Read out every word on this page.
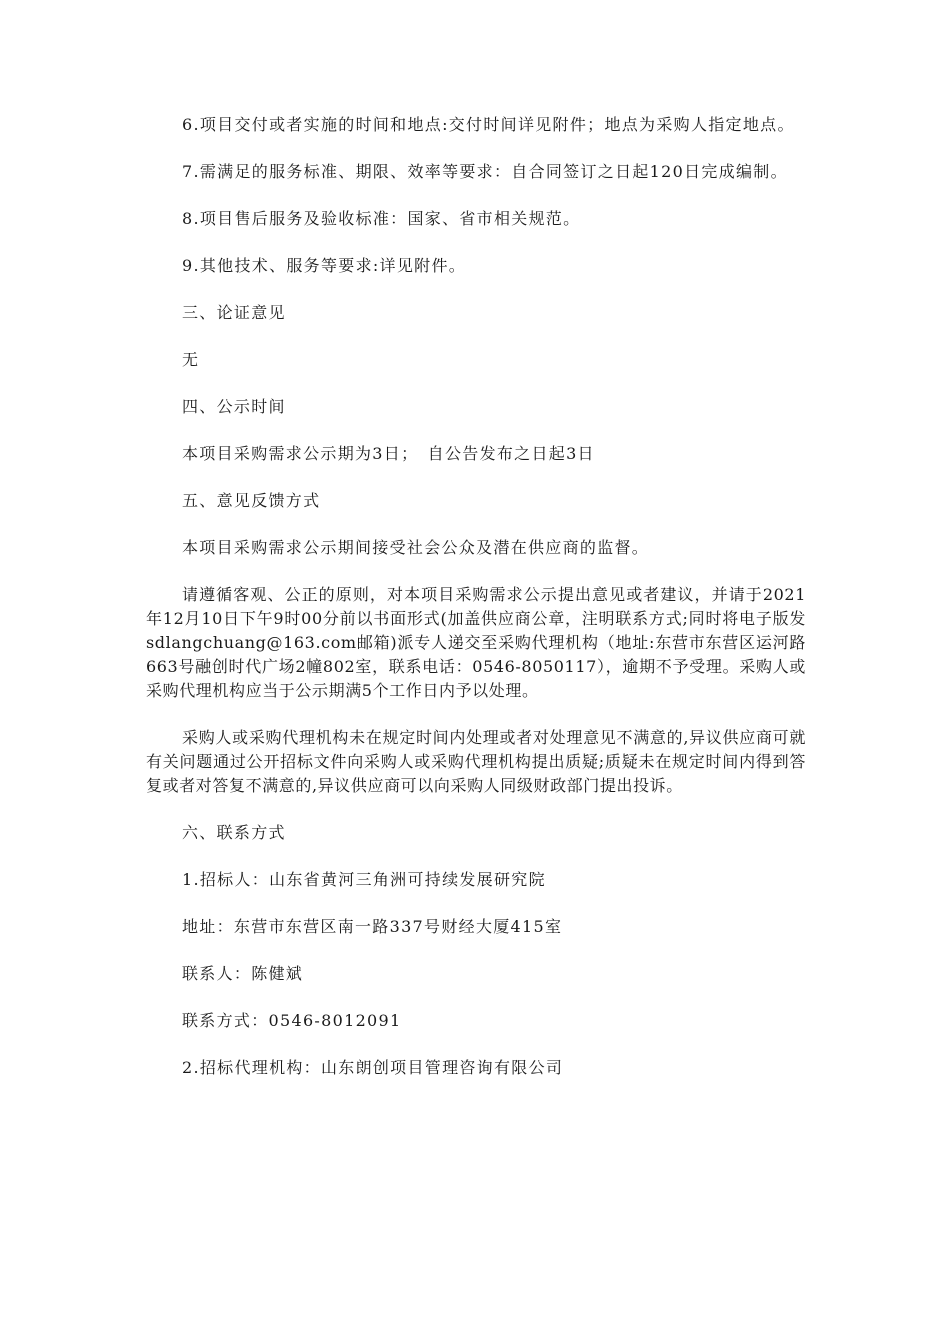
6.项目交付或者实施的时间和地点:交付时间详见附件；地点为采购人指定地点。

7.需满足的服务标准、期限、效率等要求：自合同签订之日起120日完成编制。

8.项目售后服务及验收标准：国家、省市相关规范。

9.其他技术、服务等要求:详见附件。

三、论证意见

无

四、公示时间

本项目采购需求公示期为3日；　自公告发布之日起3日

五、意见反馈方式

本项目采购需求公示期间接受社会公众及潜在供应商的监督。

请遵循客观、公正的原则，对本项目采购需求公示提出意见或者建议，并请于2021年12月10日下午9时00分前以书面形式(加盖供应商公章，注明联系方式;同时将电子版发sdlangchuang@163.com邮箱)派专人递交至采购代理机构（地址:东营市东营区运河路663号融创时代广场2幢802室，联系电话：0546-8050117），逾期不予受理。采购人或采购代理机构应当于公示期满5个工作日内予以处理。

采购人或采购代理机构未在规定时间内处理或者对处理意见不满意的,异议供应商可就有关问题通过公开招标文件向采购人或采购代理机构提出质疑;质疑未在规定时间内得到答复或者对答复不满意的,异议供应商可以向采购人同级财政部门提出投诉。

六、联系方式

1.招标人：山东省黄河三角洲可持续发展研究院

地址：东营市东营区南一路337号财经大厦415室

联系人：陈健斌

联系方式：0546-8012091

2.招标代理机构：山东朗创项目管理咨询有限公司
